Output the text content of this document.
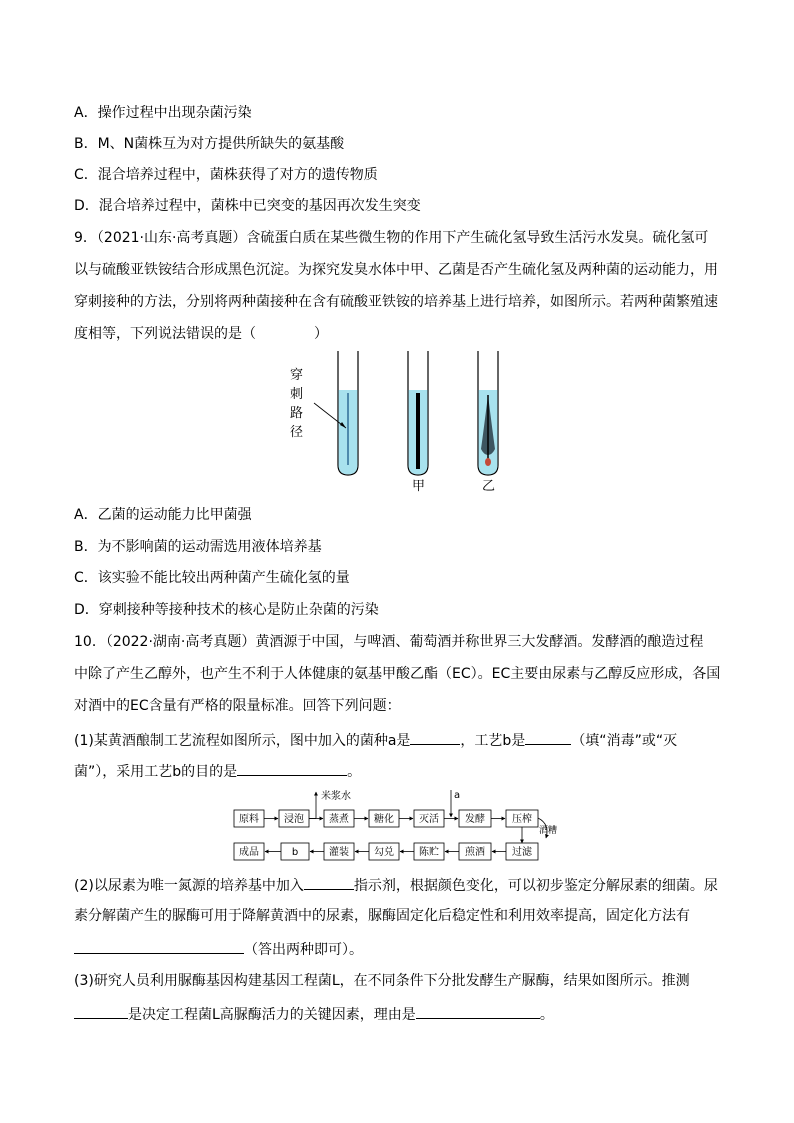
A．操作过程中出现杂菌污染
B．M、N菌株互为对方提供所缺失的氨基酸
C．混合培养过程中，菌株获得了对方的遗传物质
D．混合培养过程中，菌株中已突变的基因再次发生突变
9．（2021·山东·高考真题）含硫蛋白质在某些微生物的作用下产生硫化氢导致生活污水发臭。硫化氢可
以与硫酸亚铁铵结合形成黑色沉淀。为探究发臭水体中甲、乙菌是否产生硫化氢及两种菌的运动能力，用
穿刺接种的方法，分别将两种菌接种在含有硫酸亚铁铵的培养基上进行培养，如图所示。若两种菌繁殖速
度相等，下列说法错误的是（	）
穿
刺
路
径
甲	乙
A．乙菌的运动能力比甲菌强
B．为不影响菌的运动需选用液体培养基
C．该实验不能比较出两种菌产生硫化氢的量
D．穿刺接种等接种技术的核心是防止杂菌的污染
10．（2022·湖南·高考真题）黄酒源于中国，与啤酒、葡萄酒并称世界三大发酵酒。发酵酒的酿造过程
中除了产生乙醇外，也产生不利于人体健康的氨基甲酸乙酯（EC）。EC主要由尿素与乙醇反应形成，各国
对酒中的EC含量有严格的限量标准。回答下列问题：
(1)某黄酒酿制工艺流程如图所示，图中加入的菌种a是	，工艺b是	（填“消毒”或“灭
菌”），采用工艺b的目的是	。
原料	浸泡	蒸煮	糖化	灭活	发酵	压榨
米浆水	a
酒糟
成品	b	灌装	勾兑	陈贮	煎酒	过滤
(2)以尿素为唯一氮源的培养基中加入	指示剂，根据颜色变化，可以初步鉴定分解尿素的细菌。尿
素分解菌产生的脲酶可用于降解黄酒中的尿素，脲酶固定化后稳定性和利用效率提高，固定化方法有
（答出两种即可）。
(3)研究人员利用脲酶基因构建基因工程菌L，在不同条件下分批发酵生产脲酶，结果如图所示。推测
是决定工程菌L高脲酶活力的关键因素，理由是	。
